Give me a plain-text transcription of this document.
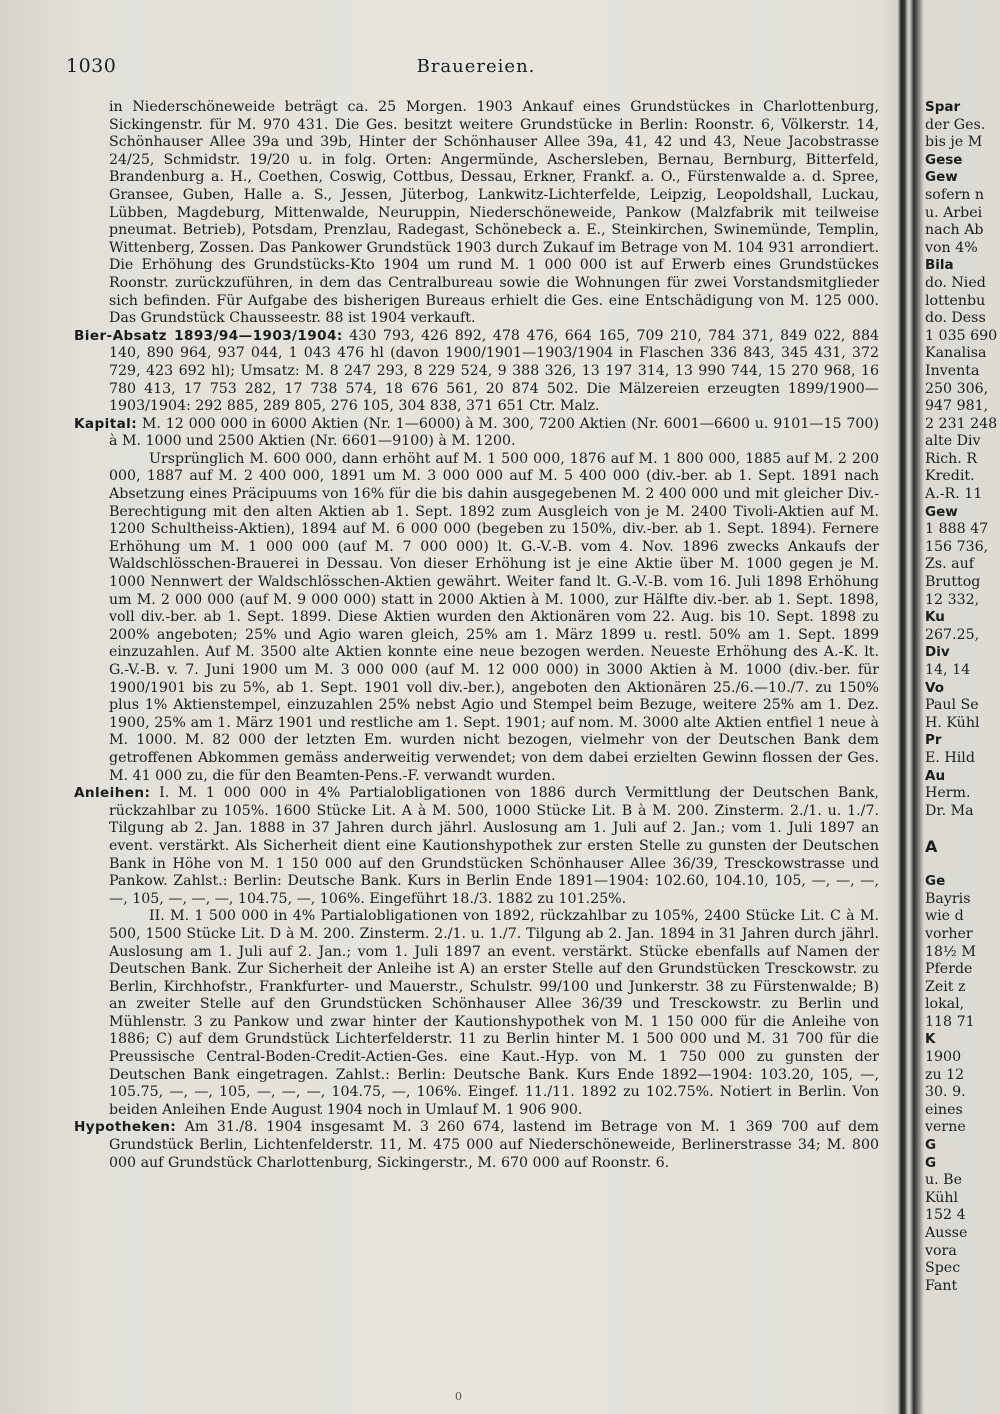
1030	Brauereien.

in Niederschöneweide beträgt ca. 25 Morgen. 1903 Ankauf eines Grundstückes in Charlottenburg, Sickingenstr. für M. 970 431. Die Ges. besitzt weitere Grundstücke in Berlin: Roonstr. 6, Völkerstr. 14, Schönhauser Allee 39a und 39b, Hinter der Schönhauser Allee 39a, 41, 42 und 43, Neue Jacobstrasse 24/25, Schmidstr. 19/20 u. in folg. Orten: Angermünde, Aschersleben, Bernau, Bernburg, Bitterfeld, Brandenburg a. H., Coethen, Coswig, Cottbus, Dessau, Erkner, Frankf. a. O., Fürstenwalde a. d. Spree, Gransee, Guben, Halle a. S., Jessen, Jüterbog, Lankwitz-Lichterfelde, Leipzig, Leopoldshall, Luckau, Lübben, Magdeburg, Mittenwalde, Neuruppin, Niederschöneweide, Pankow (Malzfabrik mit teilweise pneumat. Betrieb), Potsdam, Prenzlau, Radegast, Schönebeck a. E., Steinkirchen, Swinemünde, Templin, Wittenberg, Zossen. Das Pankower Grundstück 1903 durch Zukauf im Betrage von M. 104 931 arrondiert. Die Erhöhung des Grundstücks-Kto 1904 um rund M. 1 000 000 ist auf Erwerb eines Grundstückes Roonstr. zurückzuführen, in dem das Centralbureau sowie die Wohnungen für zwei Vorstandsmitglieder sich befinden. Für Aufgabe des bisherigen Bureaus erhielt die Ges. eine Entschädigung von M. 125 000. Das Grundstück Chausseestr. 88 ist 1904 verkauft.

Bier-Absatz 1893/94—1903/1904: 430 793, 426 892, 478 476, 664 165, 709 210, 784 371, 849 022, 884 140, 890 964, 937 044, 1 043 476 hl (davon 1900/1901—1903/1904 in Flaschen 336 843, 345 431, 372 729, 423 692 hl); Umsatz: M. 8 247 293, 8 229 524, 9 388 326, 13 197 314, 13 990 744, 15 270 968, 16 780 413, 17 753 282, 17 738 574, 18 676 561, 20 874 502. Die Mälzereien erzeugten 1899/1900—1903/1904: 292 885, 289 805, 276 105, 304 838, 371 651 Ctr. Malz.

Kapital: M. 12 000 000 in 6000 Aktien (Nr. 1—6000) à M. 300, 7200 Aktien (Nr. 6001—6600 u. 9101—15 700) à M. 1000 und 2500 Aktien (Nr. 6601—9100) à M. 1200.

Ursprünglich M. 600 000, dann erhöht auf M. 1 500 000, 1876 auf M. 1 800 000, 1885 auf M. 2 200 000, 1887 auf M. 2 400 000, 1891 um M. 3 000 000 auf M. 5 400 000 (div.-ber. ab 1. Sept. 1891 nach Absetzung eines Präcipuums von 16% für die bis dahin ausgegebenen M. 2 400 000 und mit gleicher Div.-Berechtigung mit den alten Aktien ab 1. Sept. 1892 zum Ausgleich von je M. 2400 Tivoli-Aktien auf M. 1200 Schultheiss-Aktien), 1894 auf M. 6 000 000 (begeben zu 150%, div.-ber. ab 1. Sept. 1894). Fernere Erhöhung um M. 1 000 000 (auf M. 7 000 000) lt. G.-V.-B. vom 4. Nov. 1896 zwecks Ankaufs der Waldschlösschen-Brauerei in Dessau. Von dieser Erhöhung ist je eine Aktie über M. 1000 gegen je M. 1000 Nennwert der Waldschlösschen-Aktien gewährt. Weiter fand lt. G.-V.-B. vom 16. Juli 1898 Erhöhung um M. 2 000 000 (auf M. 9 000 000) statt in 2000 Aktien à M. 1000, zur Hälfte div.-ber. ab 1. Sept. 1898, voll div.-ber. ab 1. Sept. 1899. Diese Aktien wurden den Aktionären vom 22. Aug. bis 10. Sept. 1898 zu 200% angeboten; 25% und Agio waren gleich, 25% am 1. März 1899 u. restl. 50% am 1. Sept. 1899 einzuzahlen. Auf M. 3500 alte Aktien konnte eine neue bezogen werden. Neueste Erhöhung des A.-K. lt. G.-V.-B. v. 7. Juni 1900 um M. 3 000 000 (auf M. 12 000 000) in 3000 Aktien à M. 1000 (div.-ber. für 1900/1901 bis zu 5%, ab 1. Sept. 1901 voll div.-ber.), angeboten den Aktionären 25./6.—10./7. zu 150% plus 1% Aktienstempel, einzuzahlen 25% nebst Agio und Stempel beim Bezuge, weitere 25% am 1. Dez. 1900, 25% am 1. März 1901 und restliche am 1. Sept. 1901; auf nom. M. 3000 alte Aktien entfiel 1 neue à M. 1000. M. 82 000 der letzten Em. wurden nicht bezogen, vielmehr von der Deutschen Bank dem getroffenen Abkommen gemäss anderweitig verwendet; von dem dabei erzielten Gewinn flossen der Ges. M. 41 000 zu, die für den Beamten-Pens.-F. verwandt wurden.

Anleihen: I. M. 1 000 000 in 4% Partialobligationen von 1886 durch Vermittlung der Deutschen Bank, rückzahlbar zu 105%. 1600 Stücke Lit. A à M. 500, 1000 Stücke Lit. B à M. 200. Zinsterm. 2./1. u. 1./7. Tilgung ab 2. Jan. 1888 in 37 Jahren durch jährl. Auslosung am 1. Juli auf 2. Jan.; vom 1. Juli 1897 an event. verstärkt. Als Sicherheit dient eine Kautionshypothek zur ersten Stelle zu gunsten der Deutschen Bank in Höhe von M. 1 150 000 auf den Grundstücken Schönhauser Allee 36/39, Tresckowstrasse und Pankow. Zahlst.: Berlin: Deutsche Bank. Kurs in Berlin Ende 1891—1904: 102.60, 104.10, 105, —, —, —, —, 105, —, —, —, 104.75, —, 106%. Eingeführt 18./3. 1882 zu 101.25%.

II. M. 1 500 000 in 4% Partialobligationen von 1892, rückzahlbar zu 105%, 2400 Stücke Lit. C à M. 500, 1500 Stücke Lit. D à M. 200. Zinsterm. 2./1. u. 1./7. Tilgung ab 2. Jan. 1894 in 31 Jahren durch jährl. Auslosung am 1. Juli auf 2. Jan.; vom 1. Juli 1897 an event. verstärkt. Stücke ebenfalls auf Namen der Deutschen Bank. Zur Sicherheit der Anleihe ist A) an erster Stelle auf den Grundstücken Tresckowstr. zu Berlin, Kirchhofstr., Frankfurter- und Mauerstr., Schulstr. 99/100 und Junkerstr. 38 zu Fürstenwalde; B) an zweiter Stelle auf den Grundstücken Schönhauser Allee 36/39 und Tresckowstr. zu Berlin und Mühlenstr. 3 zu Pankow und zwar hinter der Kautionshypothek von M. 1 150 000 für die Anleihe von 1886; C) auf dem Grundstück Lichterfelderstr. 11 zu Berlin hinter M. 1 500 000 und M. 31 700 für die Preussische Central-Boden-Credit-Actien-Ges. eine Kaut.-Hyp. von M. 1 750 000 zu gunsten der Deutschen Bank eingetragen. Zahlst.: Berlin: Deutsche Bank. Kurs Ende 1892—1904: 103.20, 105, —, 105.75, —, —, 105, —, —, —, 104.75, —, 106%. Eingef. 11./11. 1892 zu 102.75%. Notiert in Berlin. Von beiden Anleihen Ende August 1904 noch in Umlauf M. 1 906 900.

Hypotheken: Am 31./8. 1904 insgesamt M. 3 260 674, lastend im Betrage von M. 1 369 700 auf dem Grundstück Berlin, Lichtenfelderstr. 11, M. 475 000 auf Niederschöneweide, Berlinerstrasse 34; M. 800 000 auf Grundstück Charlottenburg, Sickingerstr., M. 670 000 auf Roonstr. 6.

Spar
der Ges.
bis je M
Gese
Gew
sofern n
u. Arbei
nach Ab
von 4%
Bila
do. Nied
lottenbu
do. Dess
1 035 690
Kanalisa
Inventa
250 306,
947 981,
2 231 248
alte Div
Rich. R
Kredit.
A.-R. 11
Gew
1 888 47
156 736,
Zs. auf
Bruttog
12 332,
Ku
267.25,
Div
14, 14
Vo
Paul Se
H. Kühl
Pr
E. Hild
Au
Herm.
Dr. Ma
A
Ge
Bayris
wie d
vorher
18½ M
Pferde
Zeit z
lokal,
118 71
K
1900
zu 12
30. 9.
eines
verne
G
G
u. Be
Kühl
152 4
Ausse
vora
Spec
Fant
0
